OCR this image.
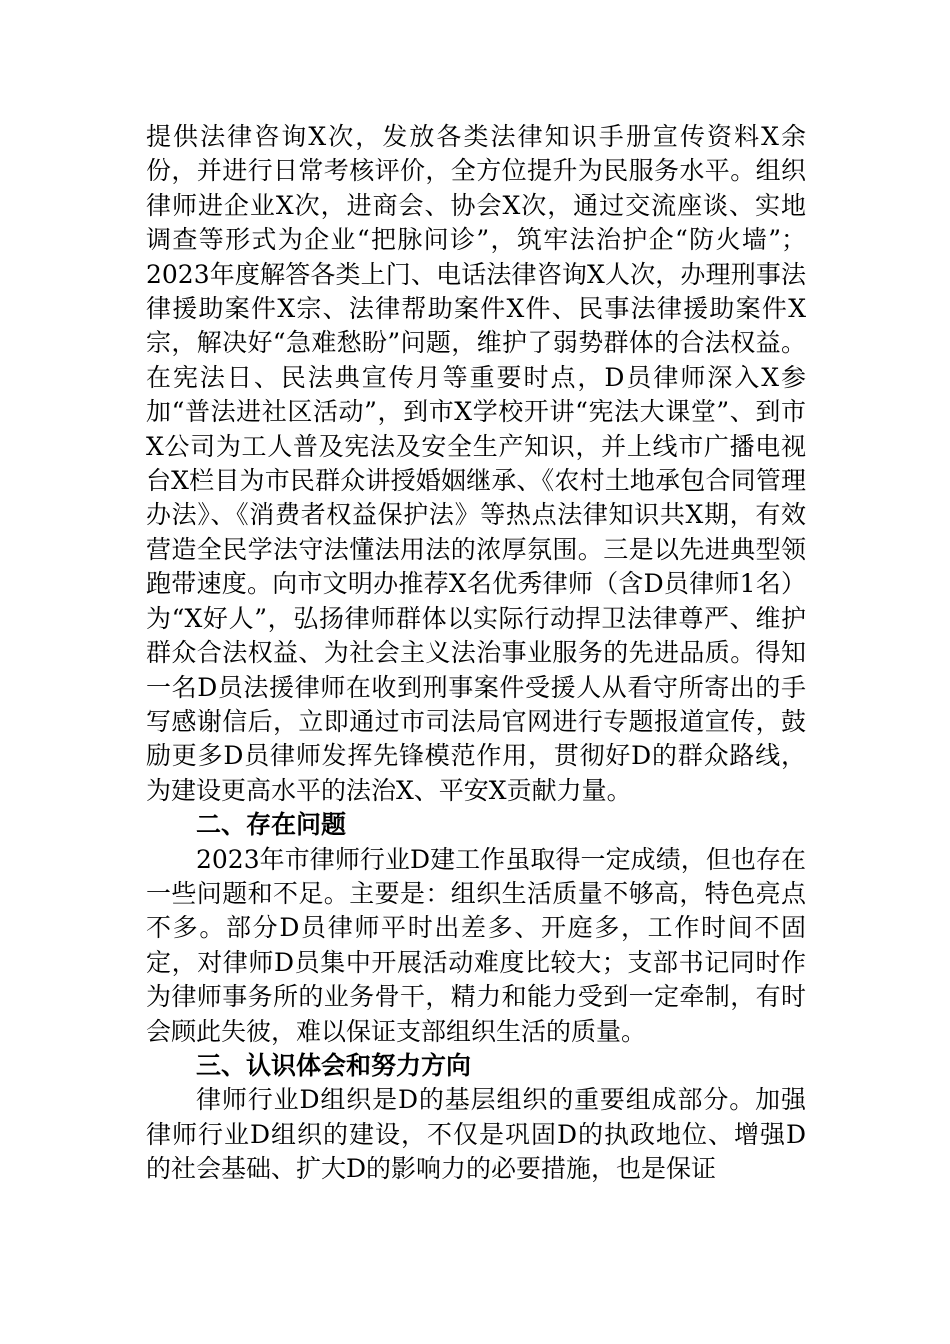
提供法律咨询X次，发放各类法律知识手册宣传资料X余份，并进行日常考核评价，全方位提升为民服务水平。组织律师进企业X次，进商会、协会X次，通过交流座谈、实地调查等形式为企业“把脉问诊”，筑牢法治护企“防火墙”；2023年度解答各类上门、电话法律咨询X人次，办理刑事法律援助案件X宗、法律帮助案件X件、民事法律援助案件X宗，解决好“急难愁盼”问题，维护了弱势群体的合法权益。在宪法日、民法典宣传月等重要时点，D员律师深入X参加“普法进社区活动”，到市X学校开讲“宪法大课堂”、到市X公司为工人普及宪法及安全生产知识，并上线市广播电视台X栏目为市民群众讲授婚姻继承、《农村土地承包合同管理办法》、《消费者权益保护法》等热点法律知识共X期，有效营造全民学法守法懂法用法的浓厚氛围。三是以先进典型领跑带速度。向市文明办推荐X名优秀律师（含D员律师1名）为“X好人”，弘扬律师群体以实际行动捍卫法律尊严、维护群众合法权益、为社会主义法治事业服务的先进品质。得知一名D员法援律师在收到刑事案件受援人从看守所寄出的手写感谢信后，立即通过市司法局官网进行专题报道宣传，鼓励更多D员律师发挥先锋模范作用，贯彻好D的群众路线，为建设更高水平的法治X、平安X贡献力量。

二、存在问题

2023年市律师行业D建工作虽取得一定成绩，但也存在一些问题和不足。主要是：组织生活质量不够高，特色亮点不多。部分D员律师平时出差多、开庭多，工作时间不固定，对律师D员集中开展活动难度比较大；支部书记同时作为律师事务所的业务骨干，精力和能力受到一定牵制，有时会顾此失彼，难以保证支部组织生活的质量。

三、认识体会和努力方向

律师行业D组织是D的基层组织的重要组成部分。加强律师行业D组织的建设，不仅是巩固D的执政地位、增强D的社会基础、扩大D的影响力的必要措施，也是保证
